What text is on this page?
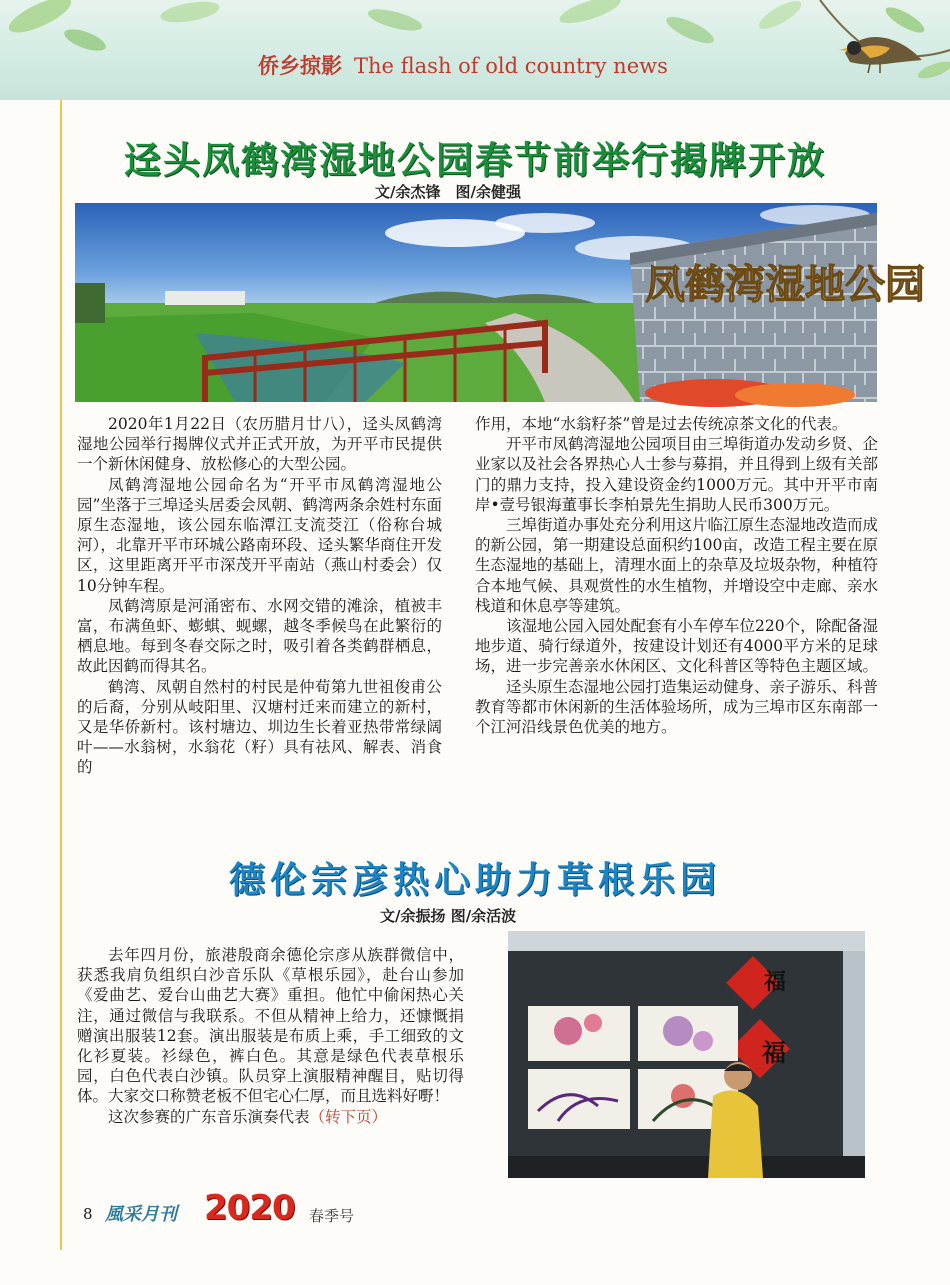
侨乡掠影 The flash of old country news
迳头凤鹤湾湿地公园春节前举行揭牌开放
文/余杰锋　图/余健强
凤鹤湾湿地公园

2020年1月22日（农历腊月廿八），迳头凤鹤湾湿地公园举行揭牌仪式并正式开放，为开平市民提供一个新休闲健身、放松修心的大型公园。

凤鹤湾湿地公园命名为“开平市凤鹤湾湿地公园”坐落于三埠迳头居委会凤朝、鹤湾两条余姓村东面原生态湿地，该公园东临潭江支流茭江（俗称台城河），北靠开平市环城公路南环段、迳头繁华商住开发区，这里距离开平市深茂开平南站（燕山村委会）仅10分钟车程。

凤鹤湾原是河涌密布、水网交错的滩涂，植被丰富，布满鱼虾、蟛蜞、蚬螺，越冬季候鸟在此繁衍的栖息地。每到冬春交际之时，吸引着各类鹤群栖息，故此因鹤而得其名。

鹤湾、凤朝自然村的村民是仲荀第九世祖俊甫公的后裔，分别从岐阳里、汉塘村迁来而建立的新村，又是华侨新村。该村塘边、圳边生长着亚热带常绿阔叶——水翁树，水翁花（籽）具有祛风、解表、消食的

作用，本地“水翁籽茶”曾是过去传统凉茶文化的代表。

开平市凤鹤湾湿地公园项目由三埠街道办发动乡贤、企业家以及社会各界热心人士参与募捐，并且得到上级有关部门的鼎力支持，投入建设资金约1000万元。其中开平市南岸•壹号银海董事长李柏景先生捐助人民币300万元。

三埠街道办事处充分利用这片临江原生态湿地改造而成的新公园，第一期建设总面积约100亩，改造工程主要在原生态湿地的基础上，清理水面上的杂草及垃圾杂物，种植符合本地气候、具观赏性的水生植物，并增设空中走廊、亲水栈道和休息亭等建筑。

该湿地公园入园处配套有小车停车位220个，除配备湿地步道、骑行绿道外，按建设计划还有4000平方米的足球场，进一步完善亲水休闲区、文化科普区等特色主题区域。

迳头原生态湿地公园打造集运动健身、亲子游乐、科普教育等都市休闲新的生活体验场所，成为三埠市区东南部一个江河沿线景色优美的地方。

德伦宗彦热心助力草根乐园
文/余振扬 图/余活波

去年四月份，旅港殷商余德伦宗彦从族群微信中，获悉我肩负组织白沙音乐队《草根乐园》，赴台山参加《爱曲艺、爱台山曲艺大赛》重担。他忙中偷闲热心关注，通过微信与我联系。不但从精神上给力，还慷慨捐赠演出服装12套。演出服装是布质上乘，手工细致的文化衫夏装。衫绿色，裤白色。其意是绿色代表草根乐园，白色代表白沙镇。队员穿上演服精神醒目，贴切得体。大家交口称赞老板不但宅心仁厚，而且选料好嘢！

这次参赛的广东音乐演奏代表（转下页）

福
福
8 風采月刊 2020 春季号
